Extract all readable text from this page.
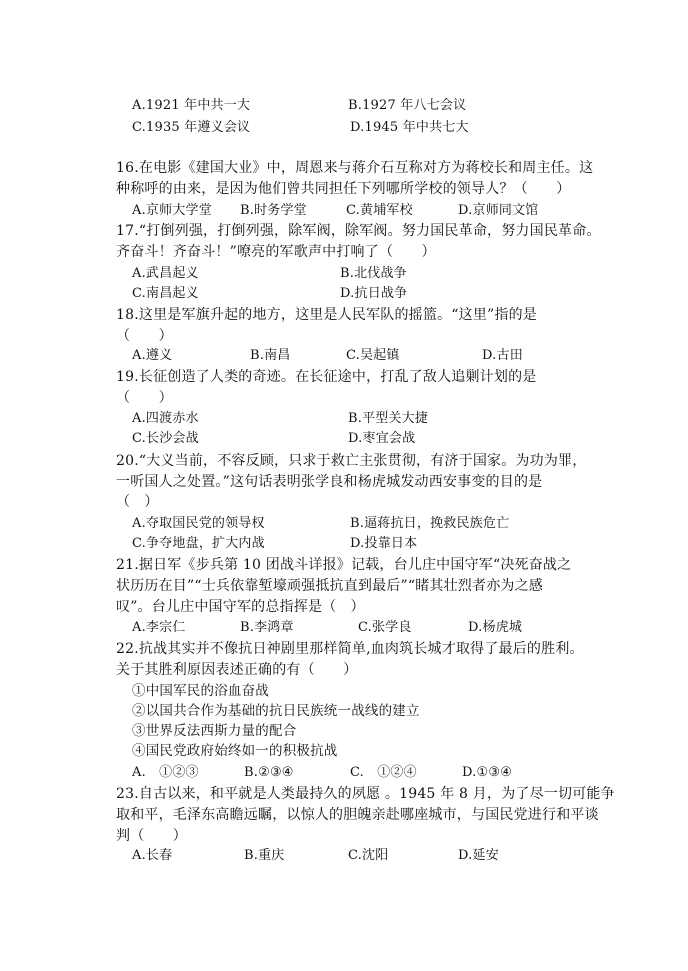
A.1921 年中共一大	B.1927 年八七会议
C.1935 年遵义会议	D.1945 年中共七大
16.在电影《建国大业》中，周恩来与蒋介石互称对方为蒋校长和周主任。这
种称呼的由来，是因为他们曾共同担任下列哪所学校的领导人？（　　）
A.京师大学堂 B.时务学堂	C.黄埔军校	D.京师同文馆
17.“打倒列强，打倒列强，除军阀，除军阀。努力国民革命，努力国民革命。
齐奋斗！齐奋斗！”嘹亮的军歌声中打响了（　　）
A.武昌起义	B.北伐战争
C.南昌起义	D.抗日战争
18.这里是军旗升起的地方，这里是人民军队的摇篮。“这里”指的是
（　　）
A.遵义	B.南昌	C.吴起镇	D.古田
19.长征创造了人类的奇迹。在长征途中，打乱了敌人追剿计划的是
（　　）
A.四渡赤水	B.平型关大捷
C.长沙会战	D.枣宜会战
20.“大义当前，不容反顾，只求于救亡主张贯彻，有济于国家。为功为罪，
一听国人之处置。”这句话表明张学良和杨虎城发动西安事变的目的是
（　）
A.夺取国民党的领导权	B.逼蒋抗日，挽救民族危亡
C.争夺地盘，扩大内战	D.投靠日本
21.据日军《步兵第 10 团战斗详报》记载，台儿庄中国守军“决死奋战之
状历历在目”“士兵依靠堑壕顽强抵抗直到最后”“睹其壮烈者亦为之感
叹”。台儿庄中国守军的总指挥是（　）
A.李宗仁	B.李鸿章	C.张学良	D.杨虎城
22.抗战其实并不像抗日神剧里那样简单,血肉筑长城才取得了最后的胜利。
关于其胜利原因表述正确的有（　　）
①中国军民的浴血奋战
②以国共合作为基础的抗日民族统一战线的建立
③世界反法西斯力量的配合
④国民党政府始终如一的积极抗战
A.　①②③	B.②③④	C.　①②④	D.①③④
23.自古以来，和平就是人类最持久的夙愿 。1945 年 8 月，为了尽一切可能争
取和平，毛泽东高瞻远瞩，以惊人的胆魄亲赴哪座城市，与国民党进行和平谈
判（　　）
A.长春	B.重庆	C.沈阳	D.延安
